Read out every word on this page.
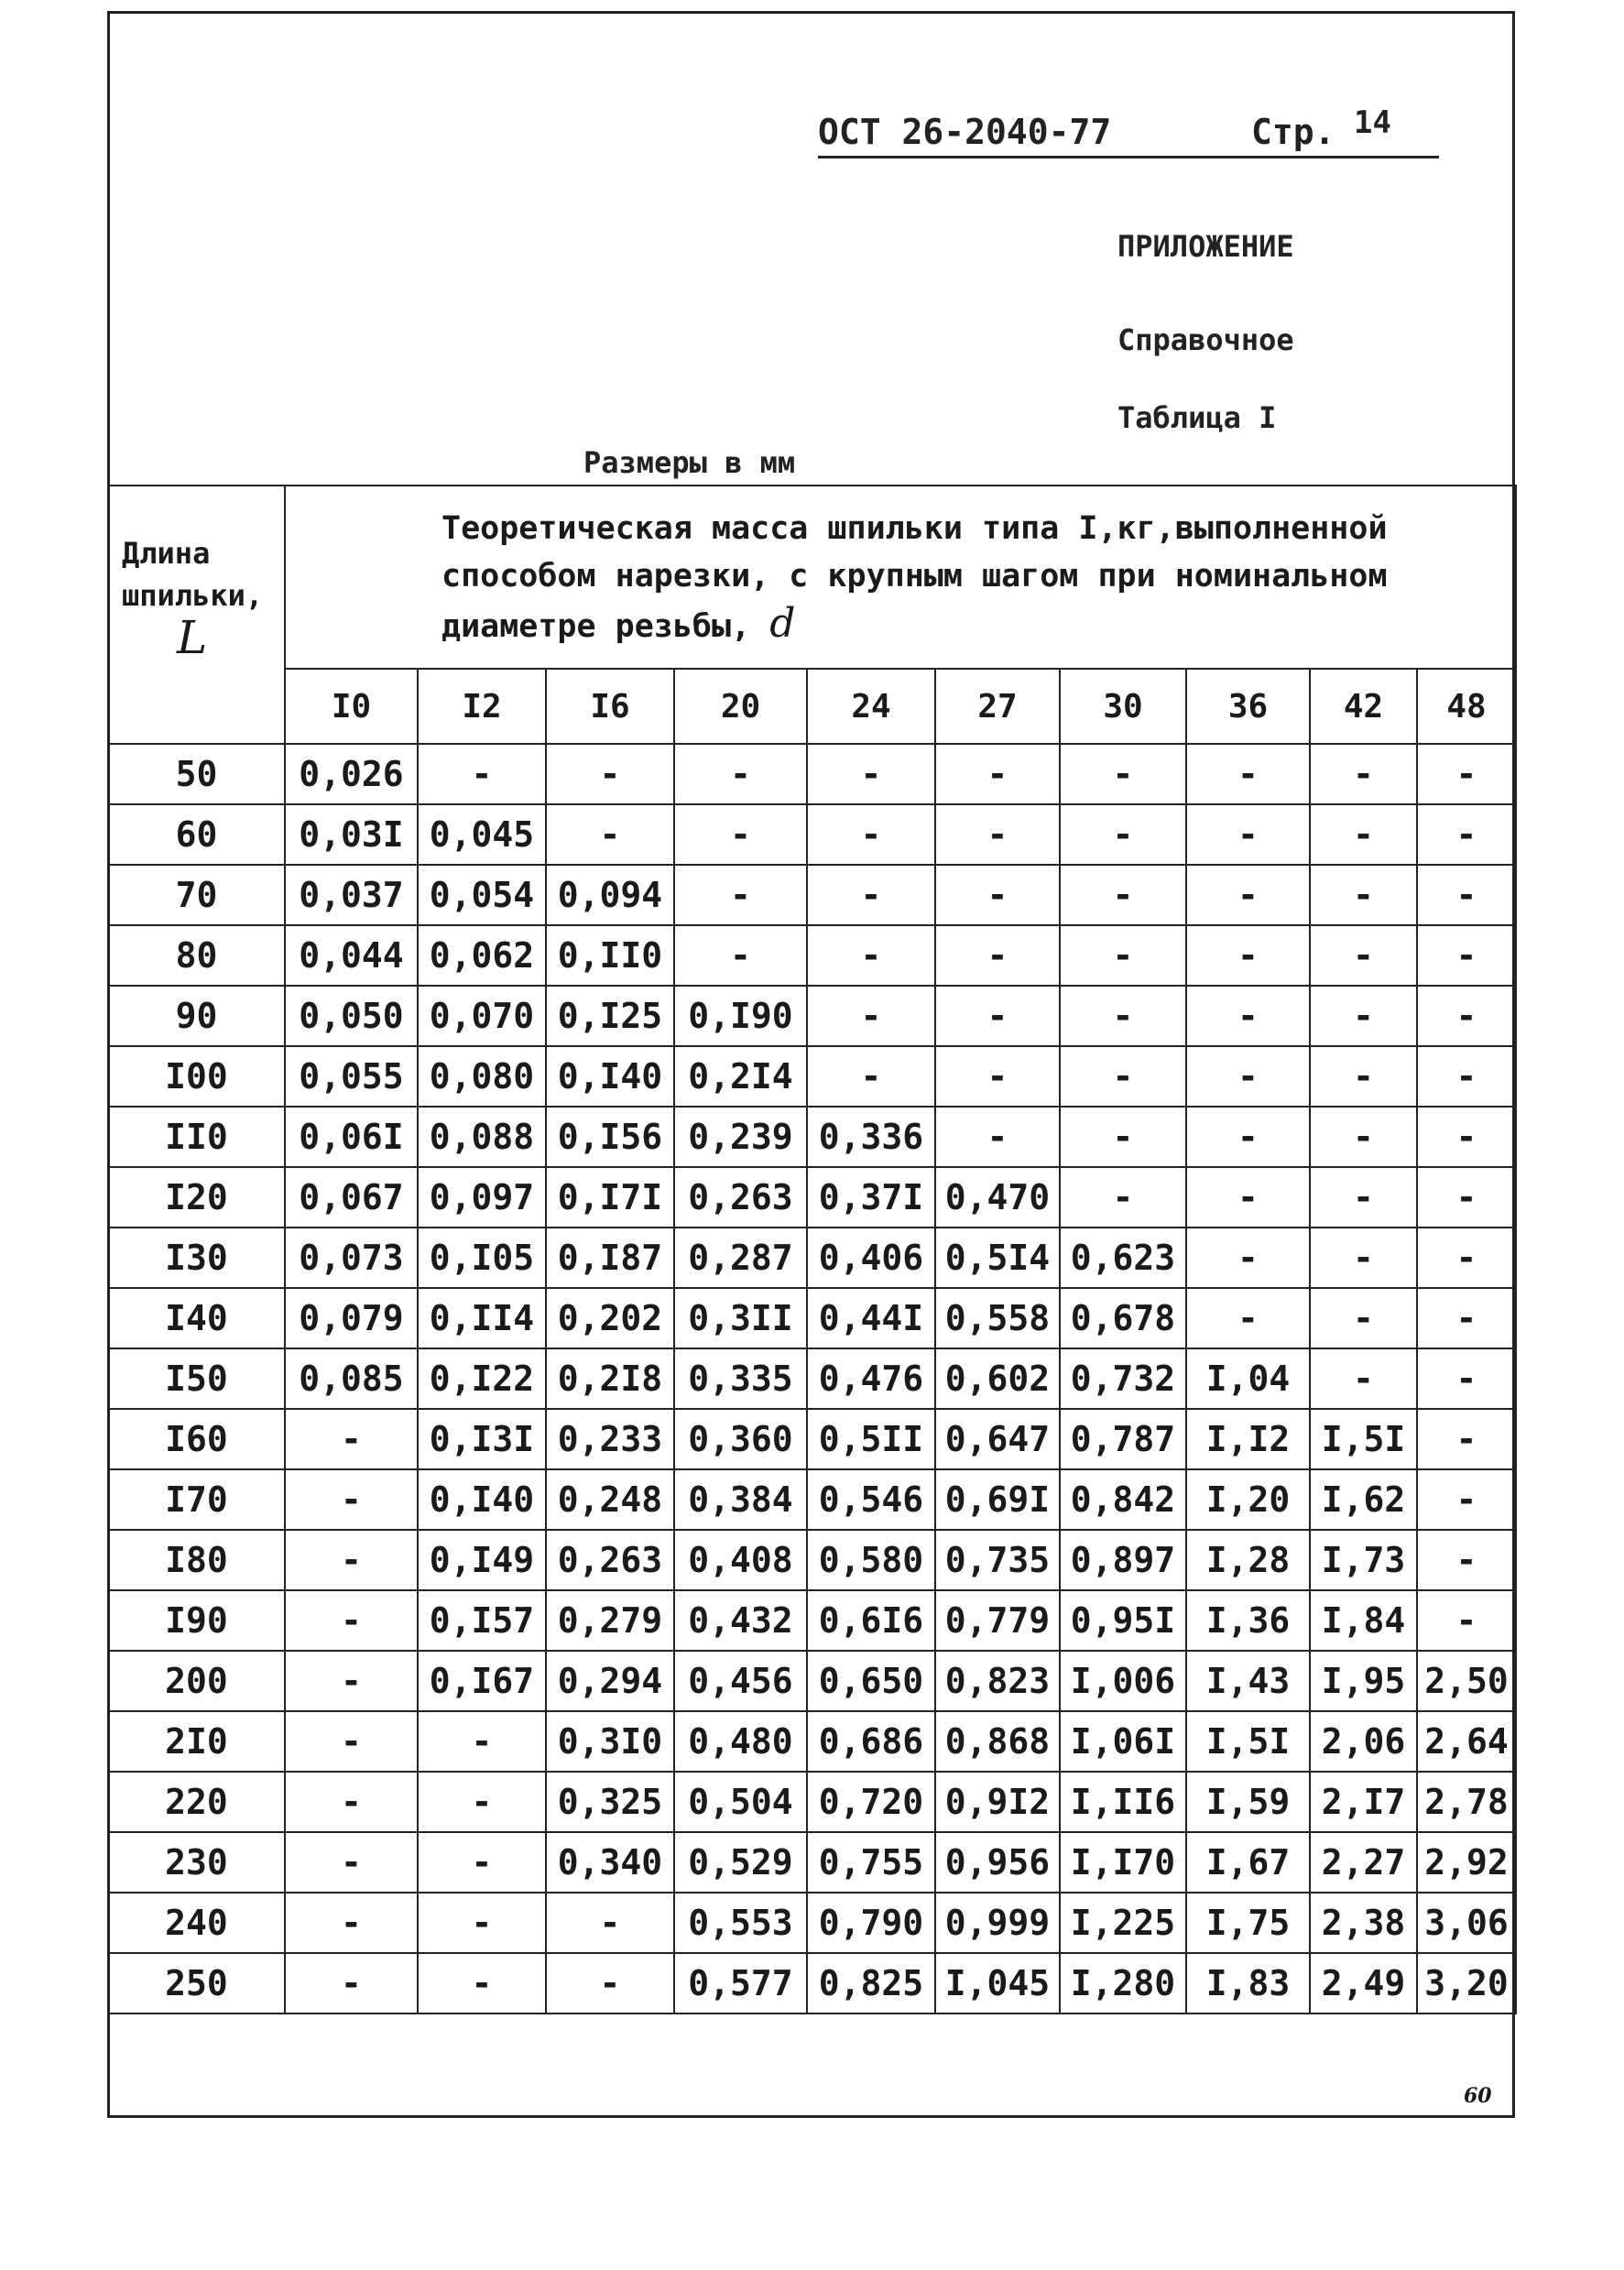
ОСТ 26-2040-77	Стр. 14
ПРИЛОЖЕНИЕ
Справочное
Таблица I
Размеры в мм
Длина
шпильки,
L	Теоретическая масса шпильки типа I,кг,выполненной
способом нарезки, с крупным шагом при номинальном
диаметре резьбы, d									
	I0	I2	I6	20	24	27	30	36	42	48
50	0,026	-	-	-	-	-	-	-	-	-
60	0,03I	0,045	-	-	-	-	-	-	-	-
70	0,037	0,054	0,094	-	-	-	-	-	-	-
80	0,044	0,062	0,II0	-	-	-	-	-	-	-
90	0,050	0,070	0,I25	0,I90	-	-	-	-	-	-
I00	0,055	0,080	0,I40	0,2I4	-	-	-	-	-	-
II0	0,06I	0,088	0,I56	0,239	0,336	-	-	-	-	-
I20	0,067	0,097	0,I7I	0,263	0,37I	0,470	-	-	-	-
I30	0,073	0,I05	0,I87	0,287	0,406	0,5I4	0,623	-	-	-
I40	0,079	0,II4	0,202	0,3II	0,44I	0,558	0,678	-	-	-
I50	0,085	0,I22	0,2I8	0,335	0,476	0,602	0,732	I,04	-	-
I60	-	0,I3I	0,233	0,360	0,5II	0,647	0,787	I,I2	I,5I	-
I70	-	0,I40	0,248	0,384	0,546	0,69I	0,842	I,20	I,62	-
I80	-	0,I49	0,263	0,408	0,580	0,735	0,897	I,28	I,73	-
I90	-	0,I57	0,279	0,432	0,6I6	0,779	0,95I	I,36	I,84	-
200	-	0,I67	0,294	0,456	0,650	0,823	I,006	I,43	I,95	2,50
2I0	-	-	0,3I0	0,480	0,686	0,868	I,06I	I,5I	2,06	2,64
220	-	-	0,325	0,504	0,720	0,9I2	I,II6	I,59	2,I7	2,78
230	-	-	0,340	0,529	0,755	0,956	I,I70	I,67	2,27	2,92
240	-	-	-	0,553	0,790	0,999	I,225	I,75	2,38	3,06
250	-	-	-	0,577	0,825	I,045	I,280	I,83	2,49	3,20
60
